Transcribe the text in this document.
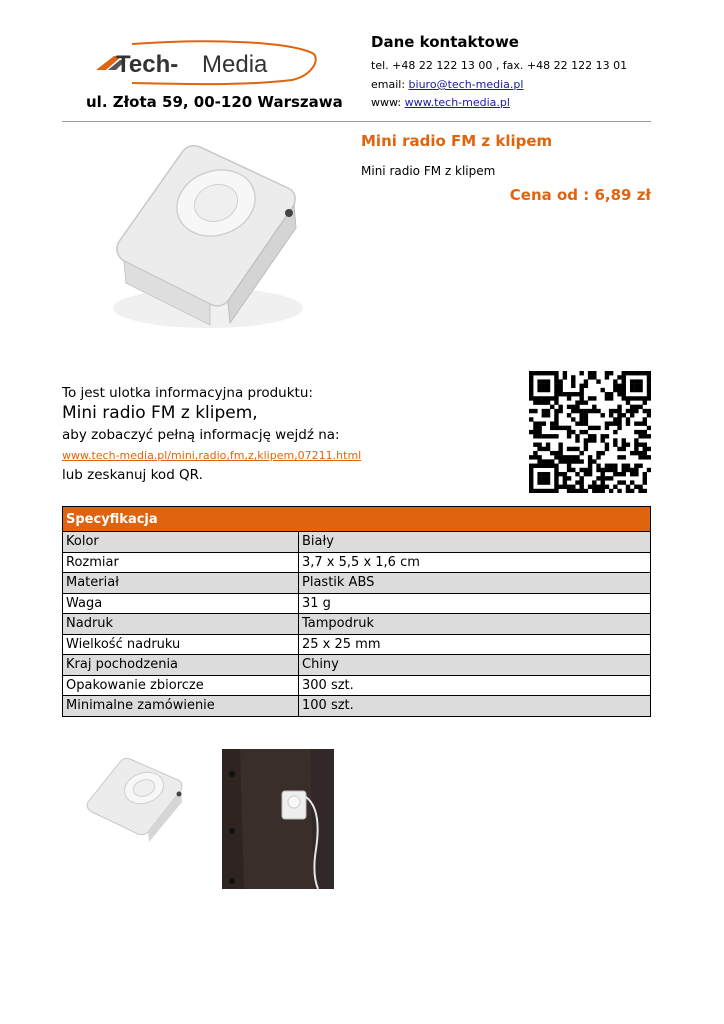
Tech- Media
ul. Złota 59, 00-120 Warszawa
Dane kontaktowe
tel. +48 22 122 13 00 , fax. +48 22 122 13 01
email: biuro@tech-media.pl
www: www.tech-media.pl
Mini radio FM z klipem
Mini radio FM z klipem
Cena od : 6,89 zł
To jest ulotka informacyjna produktu:
Mini radio FM z klipem,
aby zobaczyć pełną informację wejdź na:
www.tech-media.pl/mini,radio,fm,z,klipem,07211.html
lub zeskanuj kod QR.
Specyfikacja	
Kolor	Biały
Rozmiar	3,7 x 5,5 x 1,6 cm
Materiał	Plastik ABS
Waga	31 g
Nadruk	Tampodruk
Wielkość nadruku	25 x 25 mm
Kraj pochodzenia	Chiny
Opakowanie zbiorcze	300 szt.
Minimalne zamówienie	100 szt.
